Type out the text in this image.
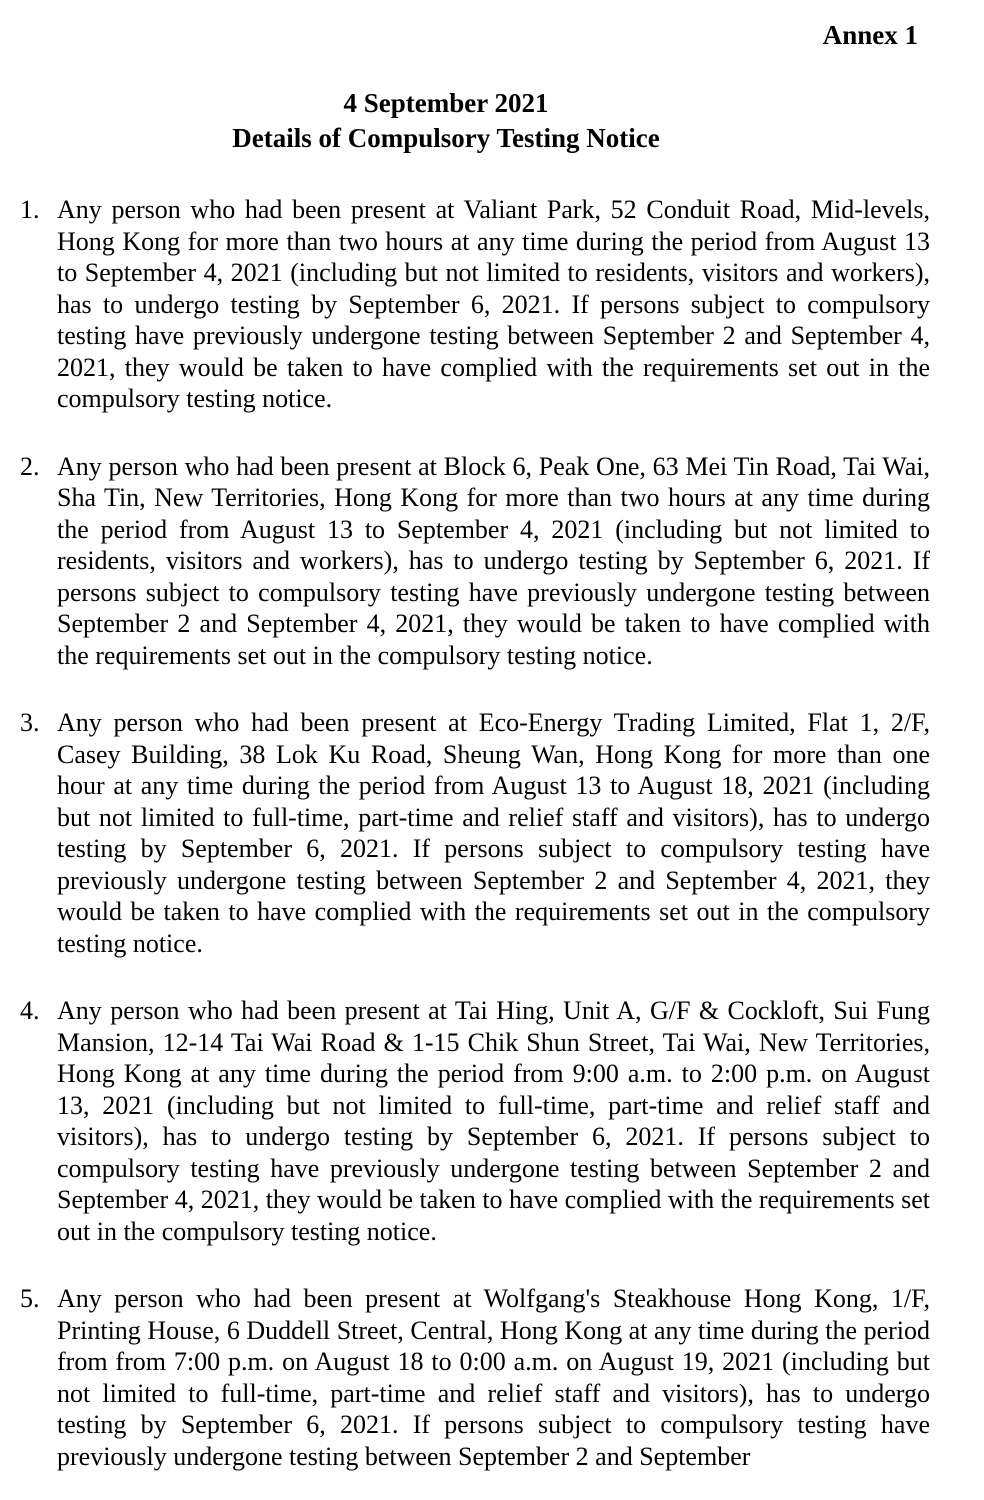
Annex 1
4 September 2021
Details of Compulsory Testing Notice
1. Any person who had been present at Valiant Park, 52 Conduit Road, Mid-levels, Hong Kong for more than two hours at any time during the period from August 13 to September 4, 2021 (including but not limited to residents, visitors and workers), has to undergo testing by September 6, 2021. If persons subject to compulsory testing have previously undergone testing between September 2 and September 4, 2021, they would be taken to have complied with the requirements set out in the compulsory testing notice.
2. Any person who had been present at Block 6, Peak One, 63 Mei Tin Road, Tai Wai, Sha Tin, New Territories, Hong Kong for more than two hours at any time during the period from August 13 to September 4, 2021 (including but not limited to residents, visitors and workers), has to undergo testing by September 6, 2021. If persons subject to compulsory testing have previously undergone testing between September 2 and September 4, 2021, they would be taken to have complied with the requirements set out in the compulsory testing notice.
3. Any person who had been present at Eco-Energy Trading Limited, Flat 1, 2/F, Casey Building, 38 Lok Ku Road, Sheung Wan, Hong Kong for more than one hour at any time during the period from August 13 to August 18, 2021 (including but not limited to full-time, part-time and relief staff and visitors), has to undergo testing by September 6, 2021. If persons subject to compulsory testing have previously undergone testing between September 2 and September 4, 2021, they would be taken to have complied with the requirements set out in the compulsory testing notice.
4. Any person who had been present at Tai Hing, Unit A, G/F & Cockloft, Sui Fung Mansion, 12-14 Tai Wai Road & 1-15 Chik Shun Street, Tai Wai, New Territories, Hong Kong at any time during the period from 9:00 a.m. to 2:00 p.m. on August 13, 2021 (including but not limited to full-time, part-time and relief staff and visitors), has to undergo testing by September 6, 2021. If persons subject to compulsory testing have previously undergone testing between September 2 and September 4, 2021, they would be taken to have complied with the requirements set out in the compulsory testing notice.
5. Any person who had been present at Wolfgang's Steakhouse Hong Kong, 1/F, Printing House, 6 Duddell Street, Central, Hong Kong at any time during the period from from 7:00 p.m. on August 18 to 0:00 a.m. on August 19, 2021 (including but not limited to full-time, part-time and relief staff and visitors), has to undergo testing by September 6, 2021. If persons subject to compulsory testing have previously undergone testing between September 2 and September
